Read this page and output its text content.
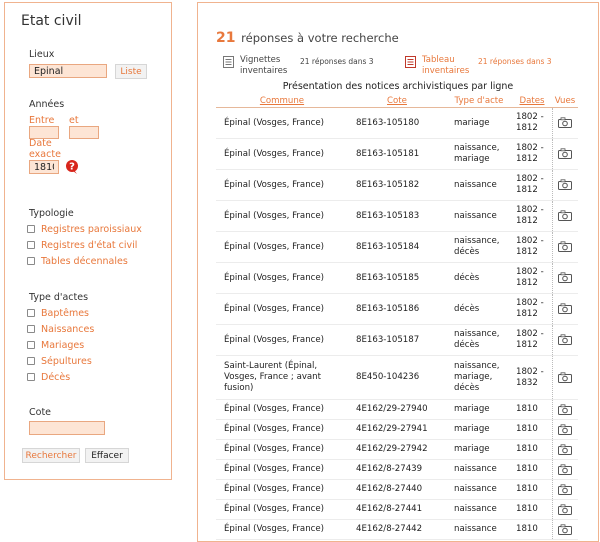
Etat civil
Lieux
Epinal
Liste
Années
Entre et
Date
exacte
1810
?
Typologie
Registres paroissiaux
Registres d'état civil
Tables décennales
Type d'actes
Baptêmes
Naissances
Mariages
Sépultures
Décès
Cote
Rechercher	Effacer
21 réponses à votre recherche
Vignettes
inventaires
21 réponses dans 3	Tableau
inventaires
21 réponses dans 3
Présentation des notices archivistiques par ligne
Commune	Cote	Type d'acte	Dates	Vues
Épinal (Vosges, France)	8E163-105180	mariage	1802 - 1812	
Épinal (Vosges, France)	8E163-105181	naissance, mariage	1802 - 1812	
Épinal (Vosges, France)	8E163-105182	naissance	1802 - 1812	
Épinal (Vosges, France)	8E163-105183	naissance	1802 - 1812	
Épinal (Vosges, France)	8E163-105184	naissance, décès	1802 - 1812	
Épinal (Vosges, France)	8E163-105185	décès	1802 - 1812	
Épinal (Vosges, France)	8E163-105186	décès	1802 - 1812	
Épinal (Vosges, France)	8E163-105187	naissance, décès	1802 - 1812	
Saint-Laurent (Épinal, Vosges, France ; avant fusion)	8E450-104236	naissance, mariage, décès	1802 - 1832	
Épinal (Vosges, France)	4E162/29-27940	mariage	1810	
Épinal (Vosges, France)	4E162/29-27941	mariage	1810	
Épinal (Vosges, France)	4E162/29-27942	mariage	1810	
Épinal (Vosges, France)	4E162/8-27439	naissance	1810	
Épinal (Vosges, France)	4E162/8-27440	naissance	1810	
Épinal (Vosges, France)	4E162/8-27441	naissance	1810	
Épinal (Vosges, France)	4E162/8-27442	naissance	1810	
